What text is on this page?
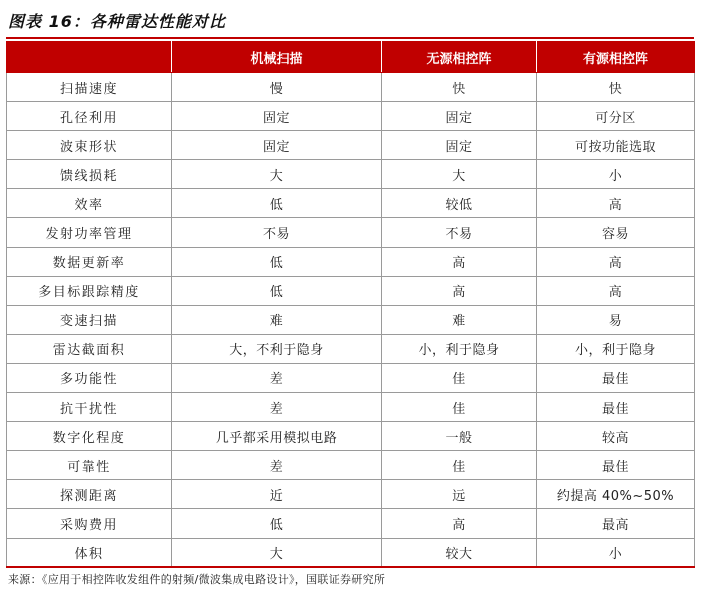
图表 16：各种雷达性能对比
	机械扫描	无源相控阵	有源相控阵
扫描速度	慢	快	快
孔径利用	固定	固定	可分区
波束形状	固定	固定	可按功能选取
馈线损耗	大	大	小
效率	低	较低	高
发射功率管理	不易	不易	容易
数据更新率	低	高	高
多目标跟踪精度	低	高	高
变速扫描	难	难	易
雷达截面积	大，不利于隐身	小，利于隐身	小，利于隐身
多功能性	差	佳	最佳
抗干扰性	差	佳	最佳
数字化程度	几乎都采用模拟电路	一般	较高
可靠性	差	佳	最佳
探测距离	近	远	约提高 40%~50%
采购费用	低	高	最高
体积	大	较大	小
来源：《应用于相控阵收发组件的射频/微波集成电路设计》，国联证券研究所
